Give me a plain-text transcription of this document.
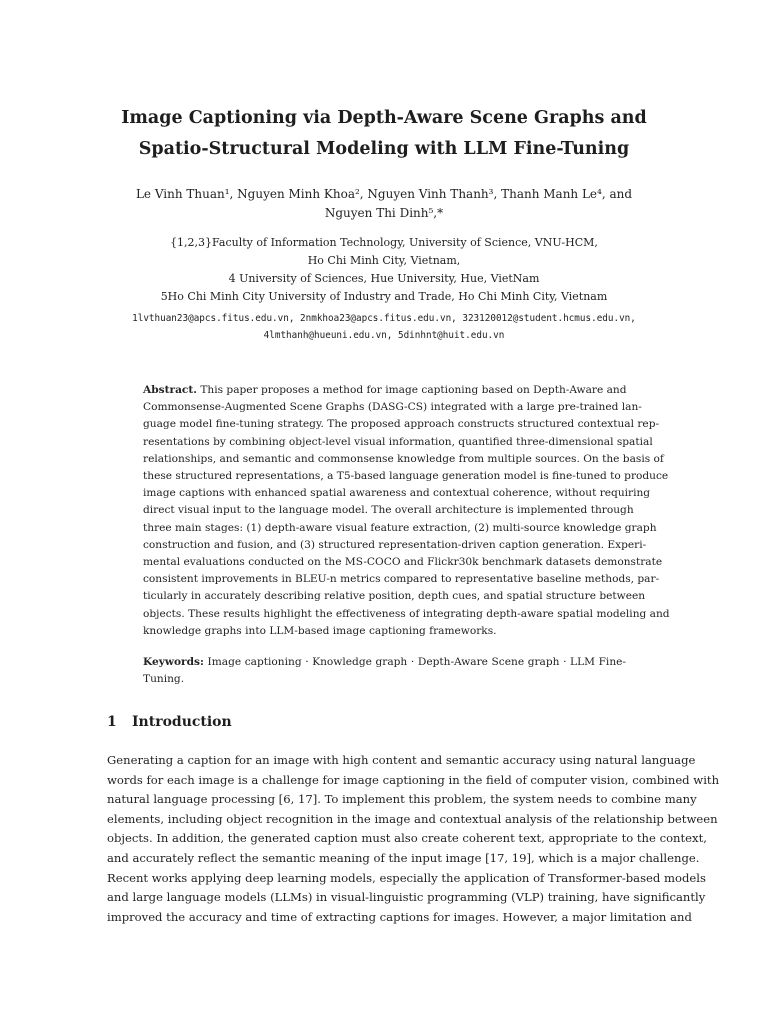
Image Captioning via Depth-Aware Scene Graphs and
Spatio-Structural Modeling with LLM Fine-Tuning
Le Vinh Thuan¹, Nguyen Minh Khoa², Nguyen Vinh Thanh³, Thanh Manh Le⁴, and
Nguyen Thi Dinh⁵,*
{1,2,3}Faculty of Information Technology, University of Science, VNU-HCM,
Ho Chi Minh City, Vietnam,
4 University of Sciences, Hue University, Hue, VietNam
5Ho Chi Minh City University of Industry and Trade, Ho Chi Minh City, Vietnam
1lvthuan23@apcs.fitus.edu.vn, 2nmkhoa23@apcs.fitus.edu.vn, 323120012@student.hcmus.edu.vn,
4lmthanh@hueuni.edu.vn, 5dinhnt@huit.edu.vn
Abstract. This paper proposes a method for image captioning based on Depth-Aware and
Commonsense-Augmented Scene Graphs (DASG-CS) integrated with a large pre-trained lan-
guage model fine-tuning strategy. The proposed approach constructs structured contextual rep-
resentations by combining object-level visual information, quantified three-dimensional spatial
relationships, and semantic and commonsense knowledge from multiple sources. On the basis of
these structured representations, a T5-based language generation model is fine-tuned to produce
image captions with enhanced spatial awareness and contextual coherence, without requiring
direct visual input to the language model. The overall architecture is implemented through
three main stages: (1) depth-aware visual feature extraction, (2) multi-source knowledge graph
construction and fusion, and (3) structured representation-driven caption generation. Experi-
mental evaluations conducted on the MS-COCO and Flickr30k benchmark datasets demonstrate
consistent improvements in BLEU-n metrics compared to representative baseline methods, par-
ticularly in accurately describing relative position, depth cues, and spatial structure between
objects. These results highlight the effectiveness of integrating depth-aware spatial modeling and
knowledge graphs into LLM-based image captioning frameworks.
Keywords: Image captioning · Knowledge graph · Depth-Aware Scene graph · LLM Fine-
Tuning.
1 Introduction
Generating a caption for an image with high content and semantic accuracy using natural language
words for each image is a challenge for image captioning in the field of computer vision, combined with
natural language processing [6, 17]. To implement this problem, the system needs to combine many
elements, including object recognition in the image and contextual analysis of the relationship between
objects. In addition, the generated caption must also create coherent text, appropriate to the context,
and accurately reflect the semantic meaning of the input image [17, 19], which is a major challenge.
Recent works applying deep learning models, especially the application of Transformer-based models
and large language models (LLMs) in visual-linguistic programming (VLP) training, have significantly
improved the accuracy and time of extracting captions for images. However, a major limitation and
